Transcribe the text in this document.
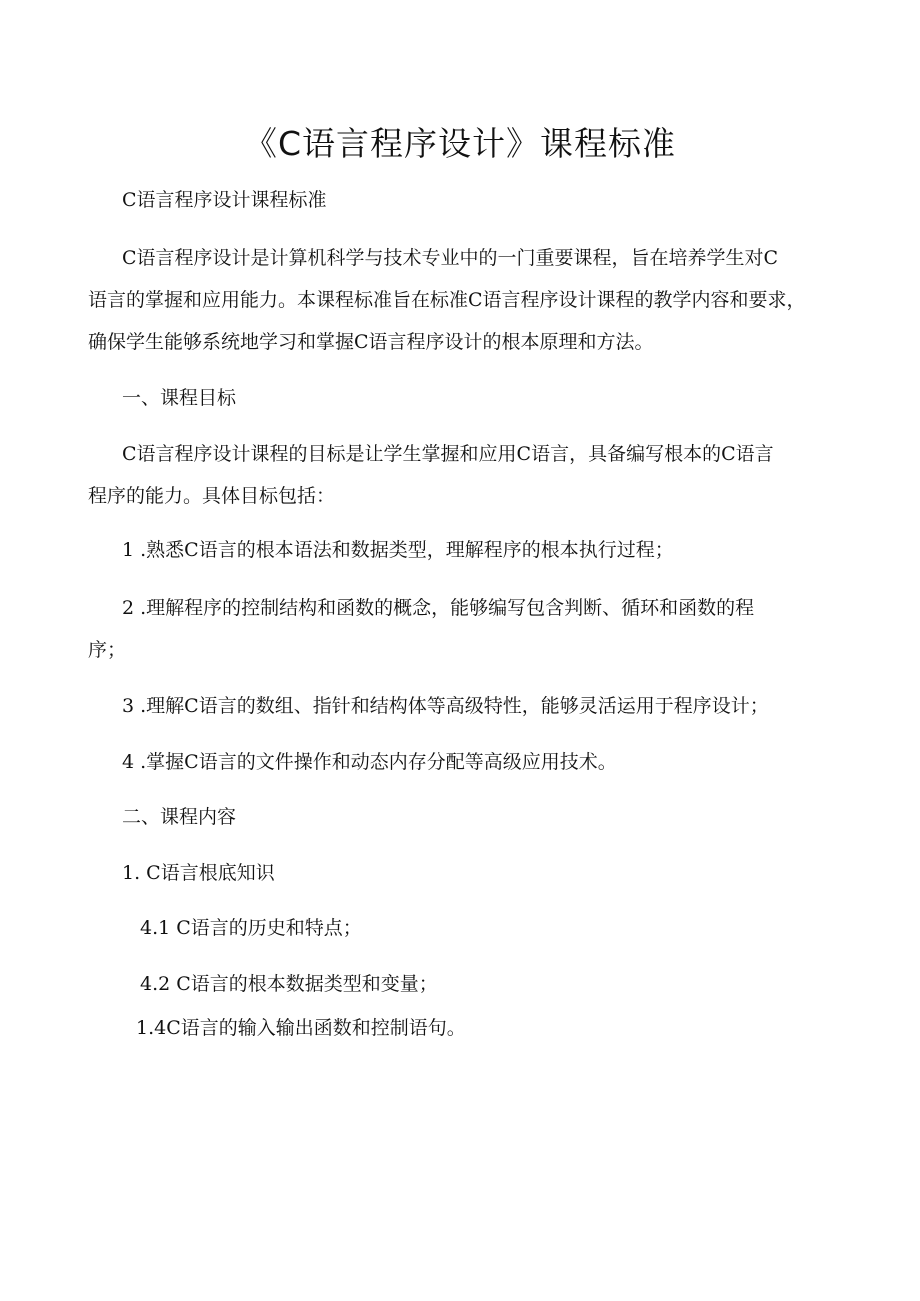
《C语言程序设计》课程标准
C语言程序设计课程标准
C语言程序设计是计算机科学与技术专业中的一门重要课程，旨在培养学生对C
语言的掌握和应用能力。本课程标准旨在标准C语言程序设计课程的教学内容和要求，
确保学生能够系统地学习和掌握C语言程序设计的根本原理和方法。
一、课程目标
C语言程序设计课程的目标是让学生掌握和应用C语言，具备编写根本的C语言
程序的能力。具体目标包括：
1 .熟悉C语言的根本语法和数据类型，理解程序的根本执行过程；
2 .理解程序的控制结构和函数的概念，能够编写包含判断、循环和函数的程
序；
3 .理解C语言的数组、指针和结构体等高级特性，能够灵活运用于程序设计；
4 .掌握C语言的文件操作和动态内存分配等高级应用技术。
二、课程内容
1. C语言根底知识
4.1 C语言的历史和特点；
4.2 C语言的根本数据类型和变量；
1.4C语言的输入输出函数和控制语句。
